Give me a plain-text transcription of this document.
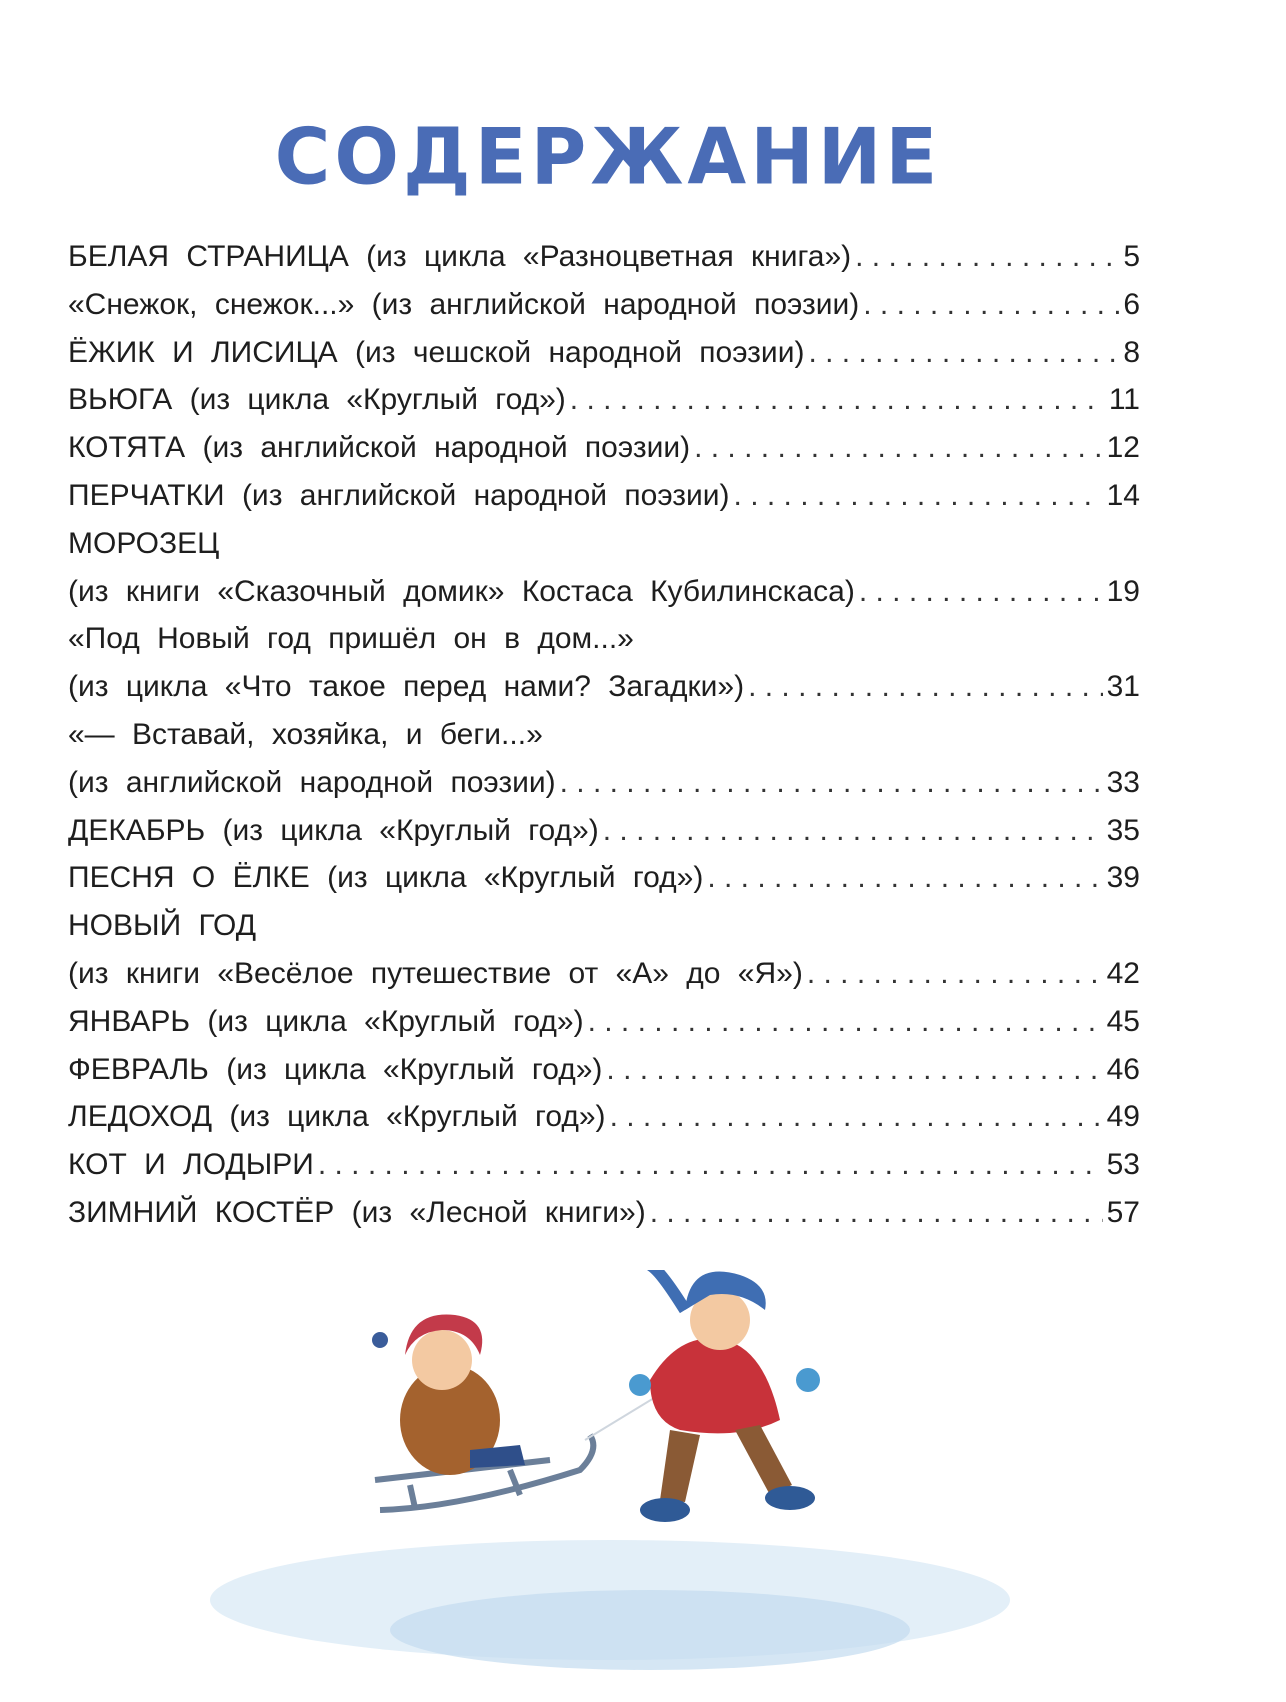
СОДЕРЖАНИЕ
БЕЛАЯ СТРАНИЦА (из цикла «Разноцветная книга») . . .	5
«Снежок, снежок...» (из английской народной поэзии) . . .	6
ЁЖИК И ЛИСИЦА (из чешской народной поэзии) . . .	8
ВЬЮГА (из цикла «Круглый год») . . .	11
КОТЯТА (из английской народной поэзии) . . .	12
ПЕРЧАТКИ (из английской народной поэзии) . . .	14
МОРОЗЕЦ
(из книги «Сказочный домик» Костаса Кубилинскаса) . . .	19
«Под Новый год пришёл он в дом...»
(из цикла «Что такое перед нами? Загадки») . . .	31
«— Вставай, хозяйка, и беги...»
(из английской народной поэзии) . . .	33
ДЕКАБРЬ (из цикла «Круглый год») . . .	35
ПЕСНЯ О ЁЛКЕ (из цикла «Круглый год») . . .	39
НОВЫЙ ГОД
(из книги «Весёлое путешествие от «А» до «Я») . . .	42
ЯНВАРЬ (из цикла «Круглый год») . . .	45
ФЕВРАЛЬ (из цикла «Круглый год») . . .	46
ЛЕДОХОД (из цикла «Круглый год») . . .	49
КОТ И ЛОДЫРИ . . .	53
ЗИМНИЙ КОСТЁР (из «Лесной книги») . . .	57
